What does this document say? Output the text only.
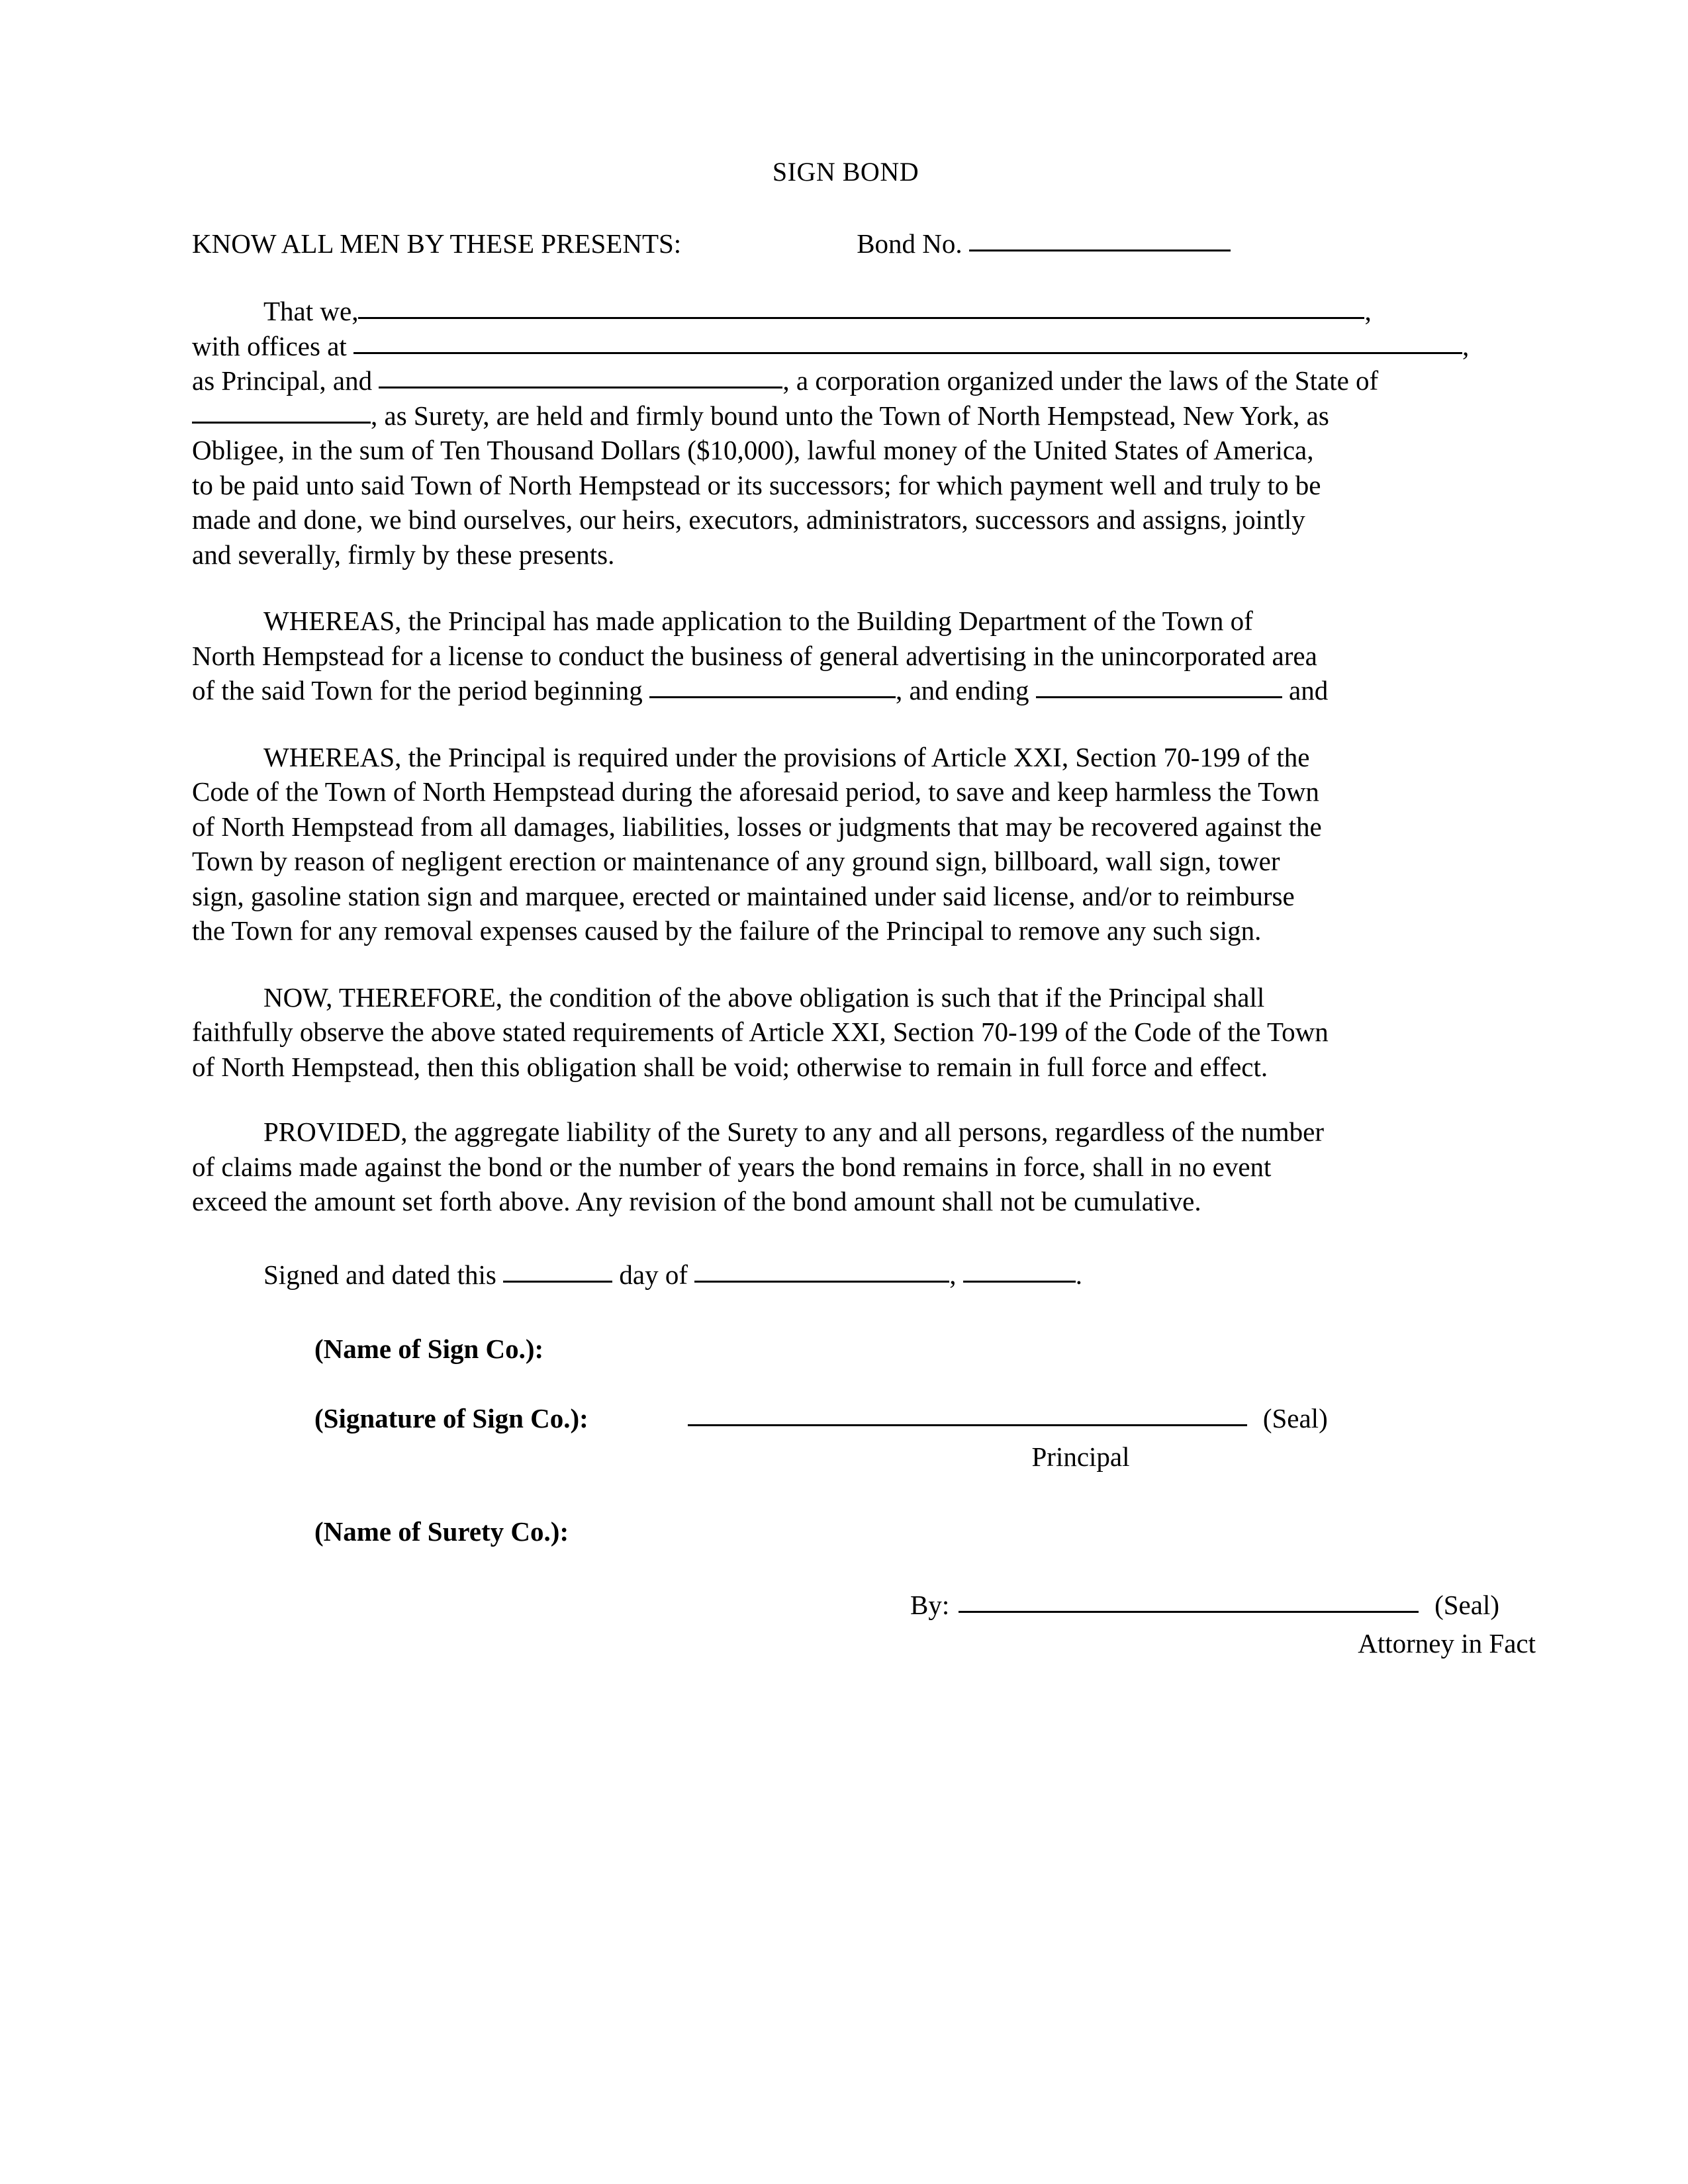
SIGN BOND
KNOW ALL MEN BY THESE PRESENTS:	Bond No.
That we,	,
with offices at	,
as Principal, and	, a corporation organized under the laws of the State of
, as Surety, are held and firmly bound unto the Town of North Hempstead, New York, as
Obligee, in the sum of Ten Thousand Dollars ($10,000), lawful money of the United States of America,
to be paid unto said Town of North Hempstead or its successors; for which payment well and truly to be
made and done, we bind ourselves, our heirs, executors, administrators, successors and assigns, jointly
and severally, firmly by these presents.
WHEREAS, the Principal has made application to the Building Department of the Town of
North Hempstead for a license to conduct the business of general advertising in the unincorporated area
of the said Town for the period beginning	, and ending	and
WHEREAS, the Principal is required under the provisions of Article XXI, Section 70-199 of the
Code of the Town of North Hempstead during the aforesaid period, to save and keep harmless the Town
of North Hempstead from all damages, liabilities, losses or judgments that may be recovered against the
Town by reason of negligent erection or maintenance of any ground sign, billboard, wall sign, tower
sign, gasoline station sign and marquee, erected or maintained under said license, and/or to reimburse
the Town for any removal expenses caused by the failure of the Principal to remove any such sign.
NOW, THEREFORE, the condition of the above obligation is such that if the Principal shall
faithfully observe the above stated requirements of Article XXI, Section 70-199 of the Code of the Town
of North Hempstead, then this obligation shall be void; otherwise to remain in full force and effect.
PROVIDED, the aggregate liability of the Surety to any and all persons, regardless of the number
of claims made against the bond or the number of years the bond remains in force, shall in no event
exceed the amount set forth above. Any revision of the bond amount shall not be cumulative.
Signed and dated this	day of	,	.
(Name of Sign Co.):
(Signature of Sign Co.):	(Seal)
Principal
(Name of Surety Co.):
By:	(Seal)
Attorney in Fact
